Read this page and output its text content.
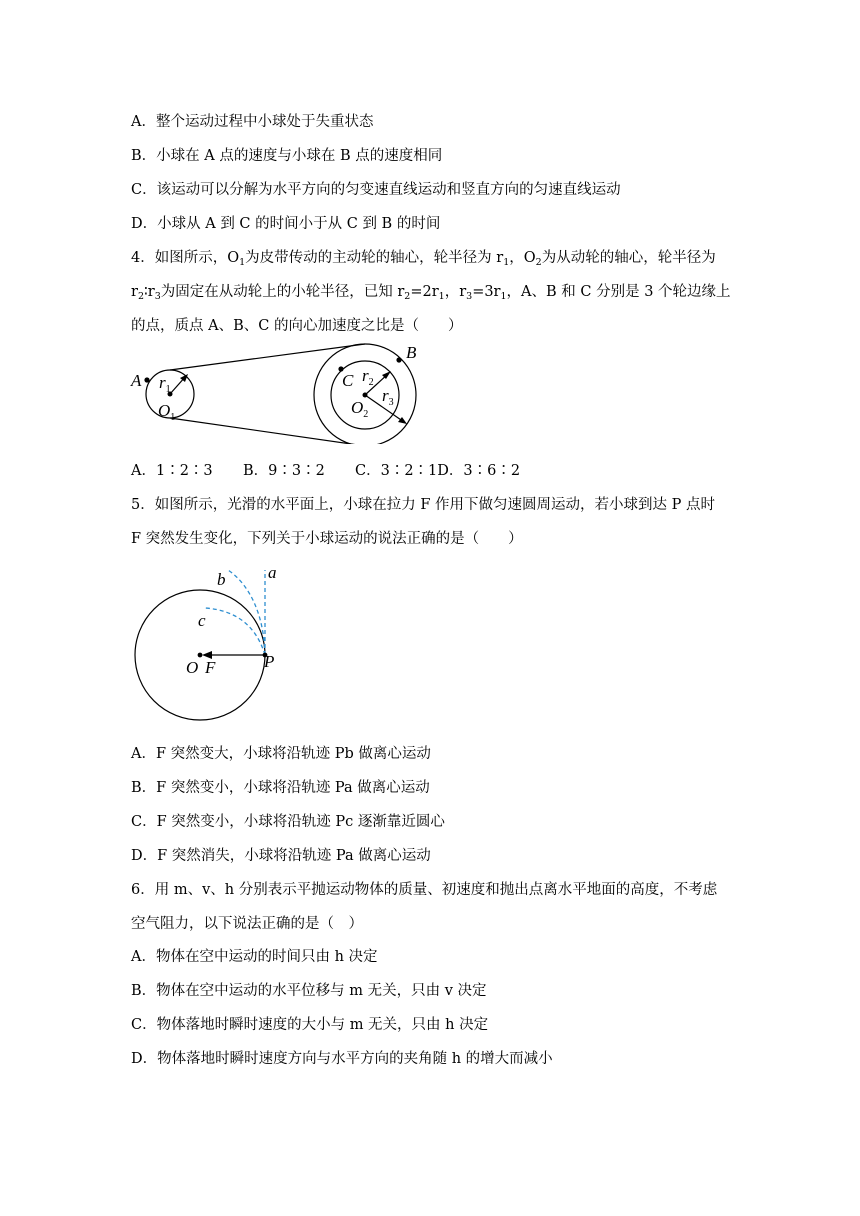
A．整个运动过程中小球处于失重状态
B．小球在 A 点的速度与小球在 B 点的速度相同
C．该运动可以分解为水平方向的匀变速直线运动和竖直方向的匀速直线运动
D．小球从 A 到 C 的时间小于从 C 到 B 的时间
4．如图所示，$O_1$为皮带传动的主动轮的轴心，轮半径为 $r_1$，$O_2$为从动轮的轴心，轮半径为
$r_2∶r_3$为固定在从动轮上的小轮半径，已知 $r_2=2r_1$，$r_3=3r_1$，A、B 和 C 分别是 3 个轮边缘上
的点，质点 A、B、C 的向心加速度之比是（　　）
A
B
C
$r_1$
$O_1$
$r_2$
$r_3$
$O_2$
A．1∶2∶3 B．9∶3∶2 C．3∶2∶1D．3∶6∶2
5．如图所示，光滑的水平面上，小球在拉力 F 作用下做匀速圆周运动，若小球到达 P 点时
F 突然发生变化，下列关于小球运动的说法正确的是（　　）
a
b
c
O F	P
A．F 突然变大，小球将沿轨迹 Pb 做离心运动
B．F 突然变小，小球将沿轨迹 Pa 做离心运动
C．F 突然变小，小球将沿轨迹 Pc 逐渐靠近圆心
D．F 突然消失，小球将沿轨迹 Pa 做离心运动
6．用 m、v、h 分别表示平抛运动物体的质量、初速度和抛出点离水平地面的高度，不考虑
空气阻力，以下说法正确的是（　）
A．物体在空中运动的时间只由 h 决定
B．物体在空中运动的水平位移与 m 无关，只由 v 决定
C．物体落地时瞬时速度的大小与 m 无关，只由 h 决定
D．物体落地时瞬时速度方向与水平方向的夹角随 h 的增大而减小
